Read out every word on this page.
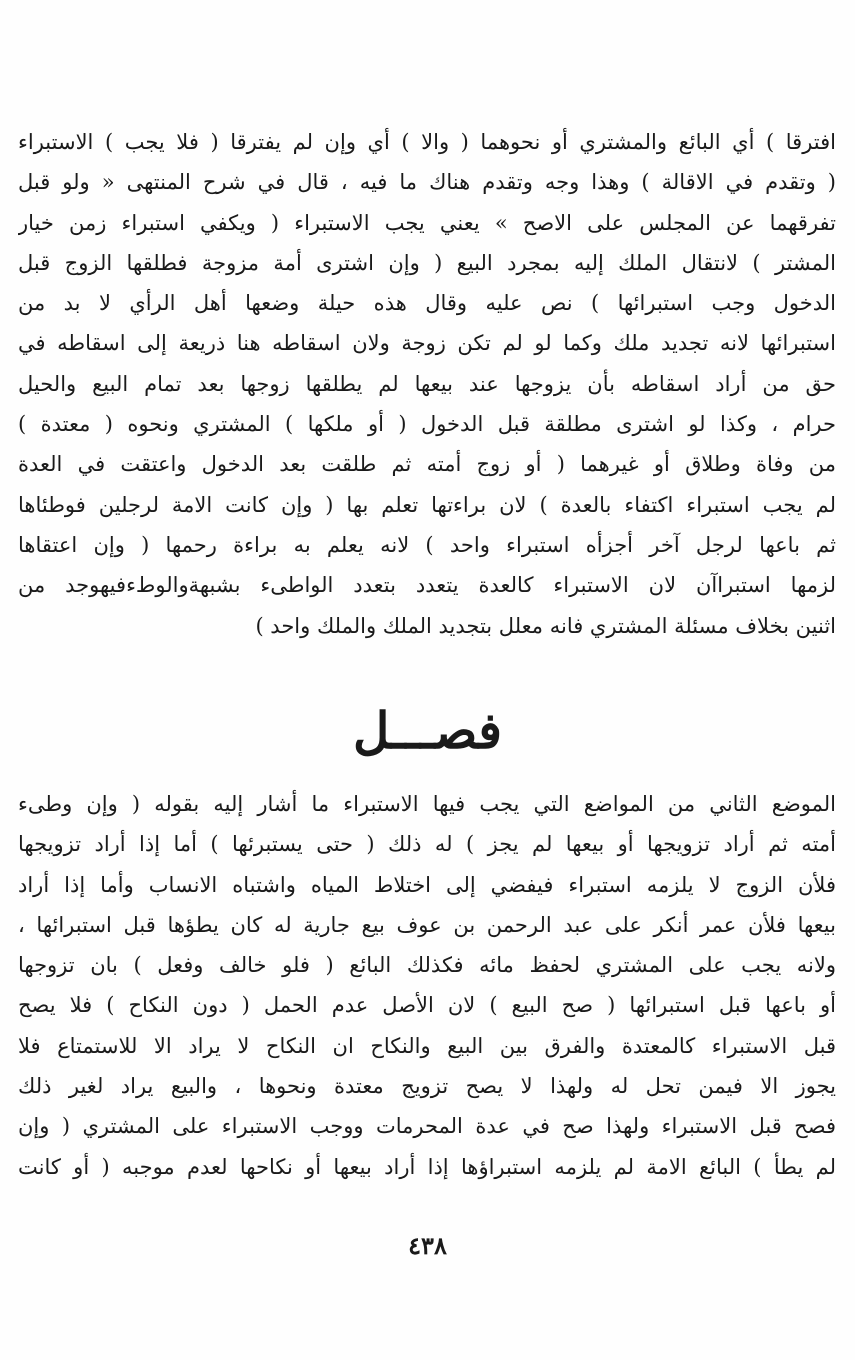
افترقا ) أي البائع والمشتري أو نحوهما ( والا ) أي وإن لم يفترقا ( فلا يجب ) الاستبراء
( وتقدم في الاقالة ) وهذا وجه وتقدم هناك ما فيه ، قال في شرح المنتهى « ولو قبل
تفرقهما عن المجلس على الاصح » يعني يجب الاستبراء ( ويكفي استبراء زمن خيار
المشتر ) لانتقال الملك إليه بمجرد البيع ( وإن اشترى أمة مزوجة فطلقها الزوج قبل
الدخول وجب استبرائها ) نص عليه وقال هذه حيلة وضعها أهل الرأي لا بد من
استبرائها لانه تجديد ملك وكما لو لم تكن زوجة ولان اسقاطه هنا ذريعة إلى اسقاطه في
حق من أراد اسقاطه بأن يزوجها عند بيعها لم يطلقها زوجها بعد تمام البيع والحيل
حرام ، وكذا لو اشترى مطلقة قبل الدخول ( أو ملكها ) المشتري ونحوه ( معتدة )
من وفاة وطلاق أو غيرهما ( أو زوج أمته ثم طلقت بعد الدخول واعتقت في العدة
لم يجب استبراء اكتفاء بالعدة ) لان براءتها تعلم بها ( وإن كانت الامة لرجلين فوطئاها
ثم باعها لرجل آخر أجزأه استبراء واحد ) لانه يعلم به براءة رحمها ( وإن اعتقاها
لزمها استبراآن لان الاستبراء كالعدة يتعدد بتعدد الواطىء بشبهةوالوطءفيهوجد من
اثنين بخلاف مسئلة المشتري فانه معلل بتجديد الملك والملك واحد )
فصـــل
الموضع الثاني من المواضع التي يجب فيها الاستبراء ما أشار إليه بقوله ( وإن وطىء
أمته ثم أراد تزويجها أو بيعها لم يجز ) له ذلك ( حتى يستبرئها ) أما إذا أراد تزويجها
فلأن الزوج لا يلزمه استبراء فيفضي إلى اختلاط المياه واشتباه الانساب وأما إذا أراد
بيعها فلأن عمر أنكر على عبد الرحمن بن عوف بيع جارية له كان يطؤها قبل استبرائها ،
ولانه يجب على المشتري لحفظ مائه فكذلك البائع ( فلو خالف وفعل ) بان تزوجها
أو باعها قبل استبرائها ( صح البيع ) لان الأصل عدم الحمل ( دون النكاح ) فلا يصح
قبل الاستبراء كالمعتدة والفرق بين البيع والنكاح ان النكاح لا يراد الا للاستمتاع فلا
يجوز الا فيمن تحل له ولهذا لا يصح تزويج معتدة ونحوها ، والبيع يراد لغير ذلك
فصح قبل الاستبراء ولهذا صح في عدة المحرمات ووجب الاستبراء على المشتري ( وإن
لم يطأ ) البائع الامة لم يلزمه استبراؤها إذا أراد بيعها أو نكاحها لعدم موجبه ( أو كانت
٤٣٨
